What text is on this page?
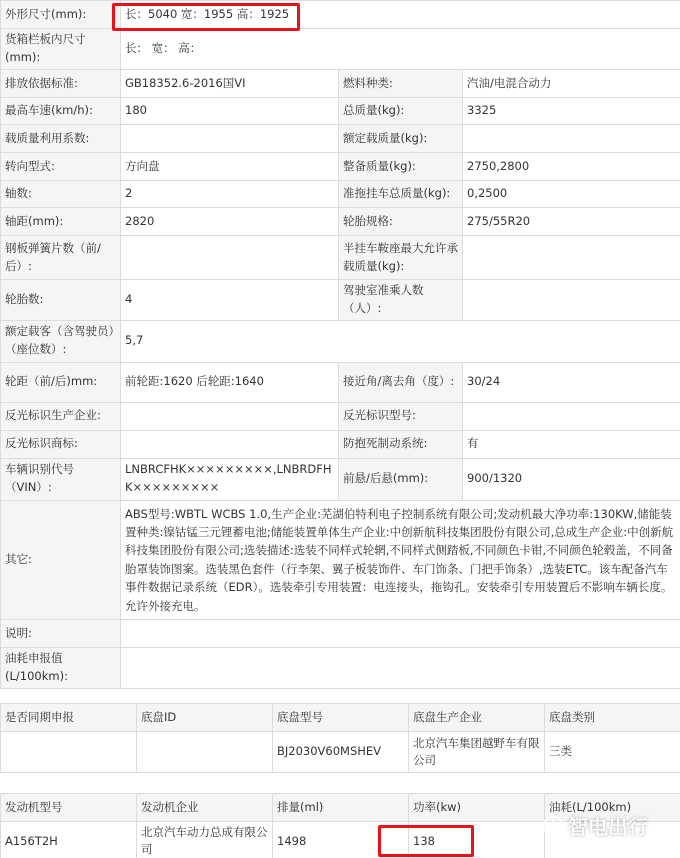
外形尺寸(mm):	长：5040 宽：1955 高：1925		
货箱栏板内尺寸(mm):	长： 宽： 高：		
排放依据标准:	GB18352.6-2016国VI	燃料种类:	汽油/电混合动力
最高车速(km/h):	180	总质量(kg):	3325
载质量利用系数:		额定载质量(kg):	
转向型式:	方向盘	整备质量(kg):	2750,2800
轴数:	2	准拖挂车总质量(kg):	0,2500
轴距(mm):	2820	轮胎规格:	275/55R20
钢板弹簧片数（前/后）:		半挂车鞍座最大允许承载质量(kg):	
轮胎数:	4	驾驶室准乘人数（人）:	
额定载客（含驾驶员）（座位数）:	5,7		
轮距（前/后)mm:	前轮距:1620 后轮距:1640	接近角/离去角（度）:	30/24
反光标识生产企业:		反光标识型号:	
反光标识商标:		防抱死制动系统:	有
车辆识别代号（VIN）:	LNBRCFHK×××××××××,LNBRDFHK×××××××××	前悬/后悬(mm):	900/1320
其它:	ABS型号:WBTL WCBS 1.0,生产企业:芜湖伯特利电子控制系统有限公司;发动机最大净功率:130KW,储能装置种类:镍钴锰三元锂蓄电池;储能装置单体生产企业:中创新航科技集团股份有限公司,总成生产企业:中创新航科技集团股份有限公司;选装描述:选装不同样式轮辋,不同样式侧踏板,不同颜色卡钳,不同颜色轮毂盖，不同备胎罩装饰图案。选装黑色套件（行李架、翼子板装饰件、车门饰条、门把手饰条）,选装ETC。该车配备汽车事件数据记录系统（EDR）。选装牵引专用装置：电连接头，拖钩孔。安装牵引专用装置后不影响车辆长度。允许外接充电。		
说明:			
油耗申报值(L/100km):			
是否同期申报	底盘ID	底盘型号	底盘生产企业	底盘类别
		BJ2030V60MSHEV	北京汽车集团越野车有限公司	三类
发动机型号	发动机企业	排量(ml)	功率(kw)	油耗(L/100km)
A156T2H	北京汽车动力总成有限公司	1498	138	
智电出行
